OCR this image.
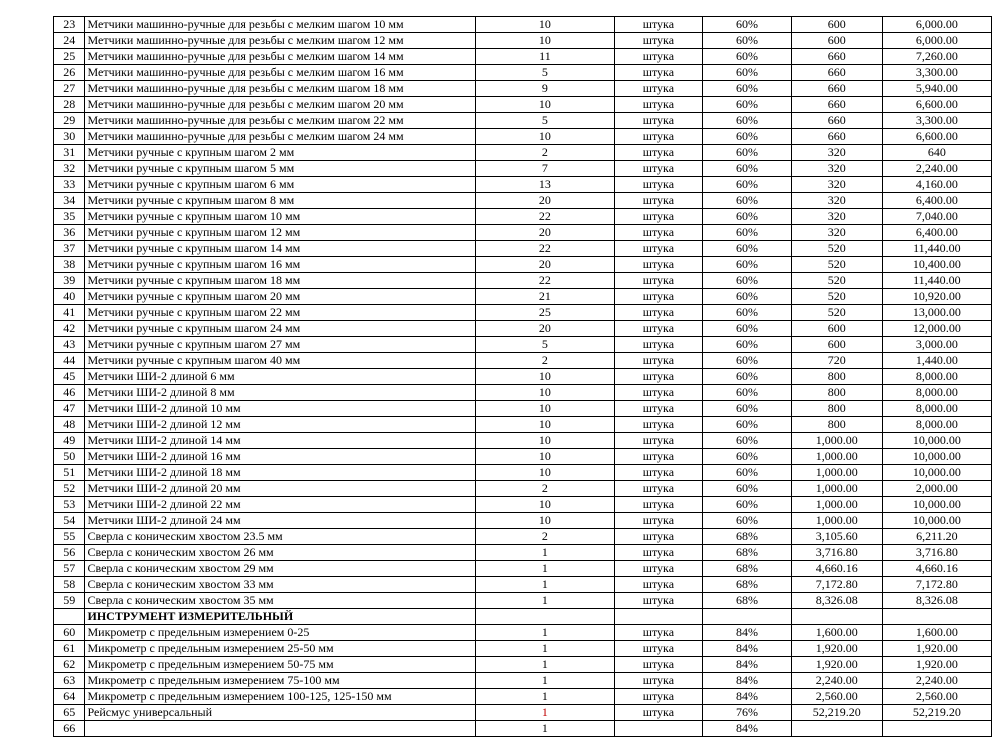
23	Метчики машинно-ручные для резьбы с мелким шагом 10 мм	10	штука	60%	600	6,000.00
24	Метчики машинно-ручные для резьбы с мелким шагом 12 мм	10	штука	60%	600	6,000.00
25	Метчики машинно-ручные для резьбы с мелким шагом 14 мм	11	штука	60%	660	7,260.00
26	Метчики машинно-ручные для резьбы с мелким шагом 16 мм	5	штука	60%	660	3,300.00
27	Метчики машинно-ручные для резьбы с мелким шагом 18 мм	9	штука	60%	660	5,940.00
28	Метчики машинно-ручные для резьбы с мелким шагом 20 мм	10	штука	60%	660	6,600.00
29	Метчики машинно-ручные для резьбы с мелким шагом 22 мм	5	штука	60%	660	3,300.00
30	Метчики машинно-ручные для резьбы с мелким шагом 24 мм	10	штука	60%	660	6,600.00
31	Метчики ручные с крупным шагом 2 мм	2	штука	60%	320	640
32	Метчики ручные с крупным шагом 5 мм	7	штука	60%	320	2,240.00
33	Метчики ручные с крупным шагом 6 мм	13	штука	60%	320	4,160.00
34	Метчики ручные с крупным шагом 8 мм	20	штука	60%	320	6,400.00
35	Метчики ручные с крупным шагом 10 мм	22	штука	60%	320	7,040.00
36	Метчики ручные с крупным шагом 12 мм	20	штука	60%	320	6,400.00
37	Метчики ручные с крупным шагом 14 мм	22	штука	60%	520	11,440.00
38	Метчики ручные с крупным шагом 16 мм	20	штука	60%	520	10,400.00
39	Метчики ручные с крупным шагом 18 мм	22	штука	60%	520	11,440.00
40	Метчики ручные с крупным шагом 20 мм	21	штука	60%	520	10,920.00
41	Метчики ручные с крупным шагом 22 мм	25	штука	60%	520	13,000.00
42	Метчики ручные с крупным шагом 24 мм	20	штука	60%	600	12,000.00
43	Метчики ручные с крупным шагом 27 мм	5	штука	60%	600	3,000.00
44	Метчики ручные с крупным шагом 40 мм	2	штука	60%	720	1,440.00
45	Метчики ШИ-2 длиной 6 мм	10	штука	60%	800	8,000.00
46	Метчики ШИ-2 длиной 8 мм	10	штука	60%	800	8,000.00
47	Метчики ШИ-2 длиной 10 мм	10	штука	60%	800	8,000.00
48	Метчики ШИ-2 длиной 12 мм	10	штука	60%	800	8,000.00
49	Метчики ШИ-2 длиной 14 мм	10	штука	60%	1,000.00	10,000.00
50	Метчики ШИ-2 длиной 16 мм	10	штука	60%	1,000.00	10,000.00
51	Метчики ШИ-2 длиной 18 мм	10	штука	60%	1,000.00	10,000.00
52	Метчики ШИ-2 длиной 20 мм	2	штука	60%	1,000.00	2,000.00
53	Метчики ШИ-2 длиной 22 мм	10	штука	60%	1,000.00	10,000.00
54	Метчики ШИ-2 длиной 24 мм	10	штука	60%	1,000.00	10,000.00
55	Сверла с коническим хвостом 23.5 мм	2	штука	68%	3,105.60	6,211.20
56	Сверла с коническим хвостом 26 мм	1	штука	68%	3,716.80	3,716.80
57	Сверла с коническим хвостом 29 мм	1	штука	68%	4,660.16	4,660.16
58	Сверла с коническим хвостом 33 мм	1	штука	68%	7,172.80	7,172.80
59	Сверла с коническим хвостом 35 мм	1	штука	68%	8,326.08	8,326.08
	ИНСТРУМЕНТ ИЗМЕРИТЕЛЬНЫЙ					
60	Микрометр с предельным измерением 0-25	1	штука	84%	1,600.00	1,600.00
61	Микрометр с предельным измерением 25-50 мм	1	штука	84%	1,920.00	1,920.00
62	Микрометр с предельным измерением 50-75 мм	1	штука	84%	1,920.00	1,920.00
63	Микрометр с предельным измерением 75-100 мм	1	штука	84%	2,240.00	2,240.00
64	Микрометр с предельным измерением 100-125, 125-150 мм	1	штука	84%	2,560.00	2,560.00
65	Рейсмус универсальный	1	штука	76%	52,219.20	52,219.20
66		1		84%		
